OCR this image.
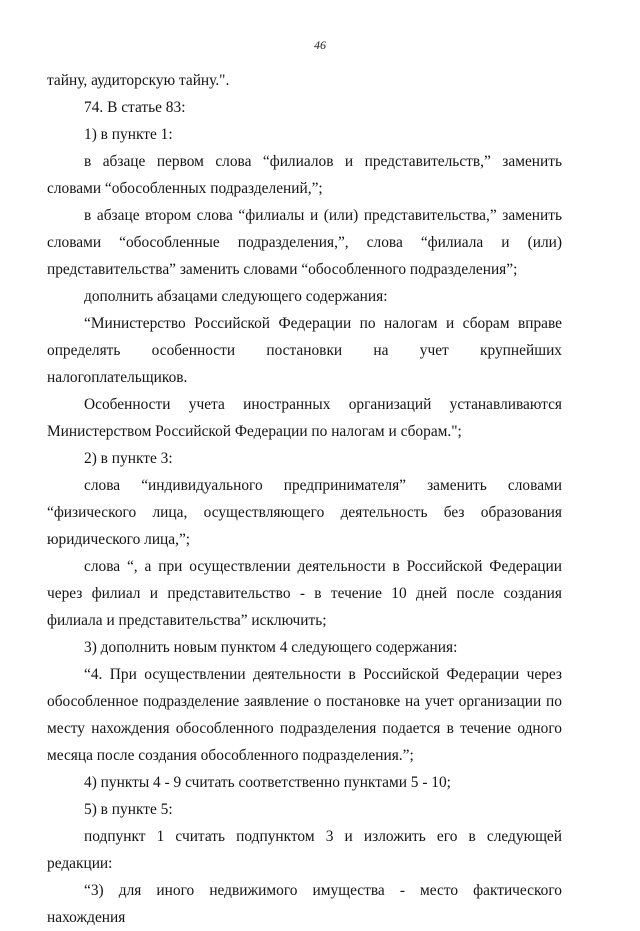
46

тайну, аудиторскую тайну.".

74. В статье 83:

1) в пункте 1:

в абзаце первом слова “филиалов и представительств,” заменить словами “обособленных подразделений,”;

в абзаце втором слова “филиалы и (или) представительства,” заменить словами “обособленные подразделения,”, слова “филиала и (или) представительства” заменить словами “обособленного подразделения”;

дополнить абзацами следующего содержания:

“Министерство Российской Федерации по налогам и сборам вправе определять особенности постановки на учет крупнейших налогоплательщиков.

Особенности учета иностранных организаций устанавливаются Министерством Российской Федерации по налогам и сборам.";

2) в пункте 3:

слова “индивидуального предпринимателя” заменить словами “физического лица, осуществляющего деятельность без образования юридического лица,”;

слова “, а при осуществлении деятельности в Российской Федерации через филиал и представительство - в течение 10 дней после создания филиала и представительства” исключить;

3) дополнить новым пунктом 4 следующего содержания:

“4. При осуществлении деятельности в Российской Федерации через обособленное подразделение заявление о постановке на учет организации по месту нахождения обособленного подразделения подается в течение одного месяца после создания обособленного подразделения.”;

4) пункты 4 - 9 считать соответственно пунктами 5 - 10;

5) в пункте 5:

подпункт 1 считать подпунктом 3 и изложить его в следующей редакции:

“3) для иного недвижимого имущества - место фактического нахождения
